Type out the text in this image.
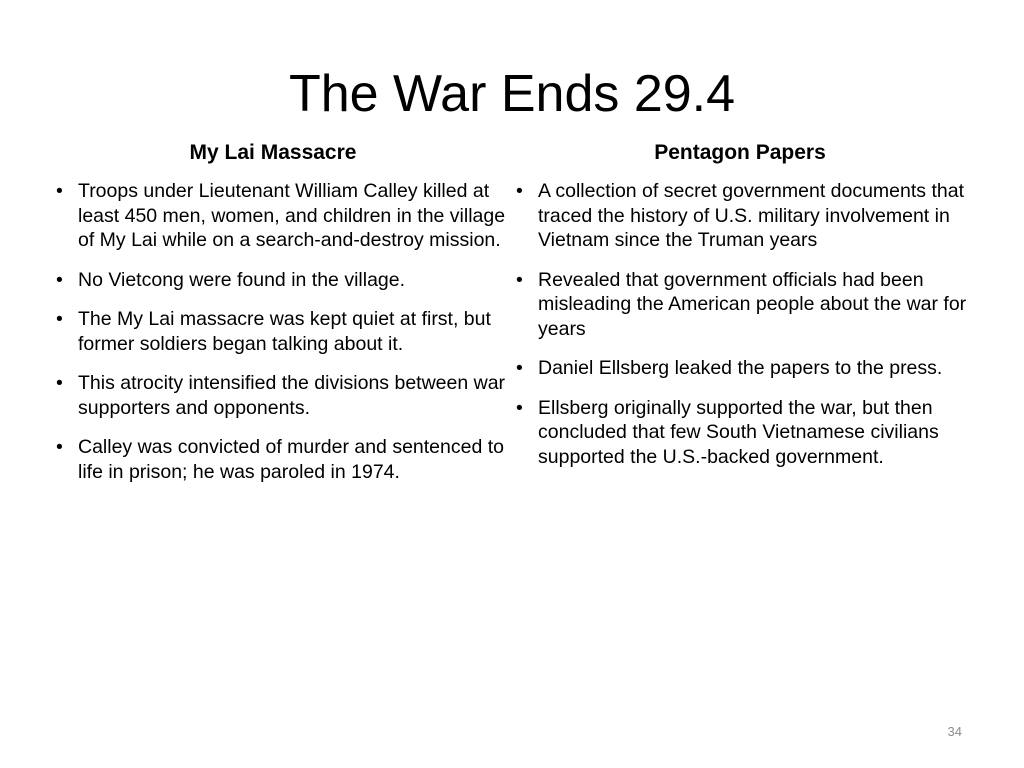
The War Ends 29.4
My Lai Massacre
• Troops under Lieutenant William Calley killed at least 450 men, women, and children in the village of My Lai while on a search-and-destroy mission.
• No Vietcong were found in the village.
• The My Lai massacre was kept quiet at first, but former soldiers began talking about it.
• This atrocity intensified the divisions between war supporters and opponents.
• Calley was convicted of murder and sentenced to life in prison; he was paroled in 1974.
Pentagon Papers
• A collection of secret government documents that traced the history of U.S. military involvement in Vietnam since the Truman years
• Revealed that government officials had been misleading the American people about the war for years
• Daniel Ellsberg leaked the papers to the press.
• Ellsberg originally supported the war, but then concluded that few South Vietnamese civilians supported the U.S.-backed government.
34
